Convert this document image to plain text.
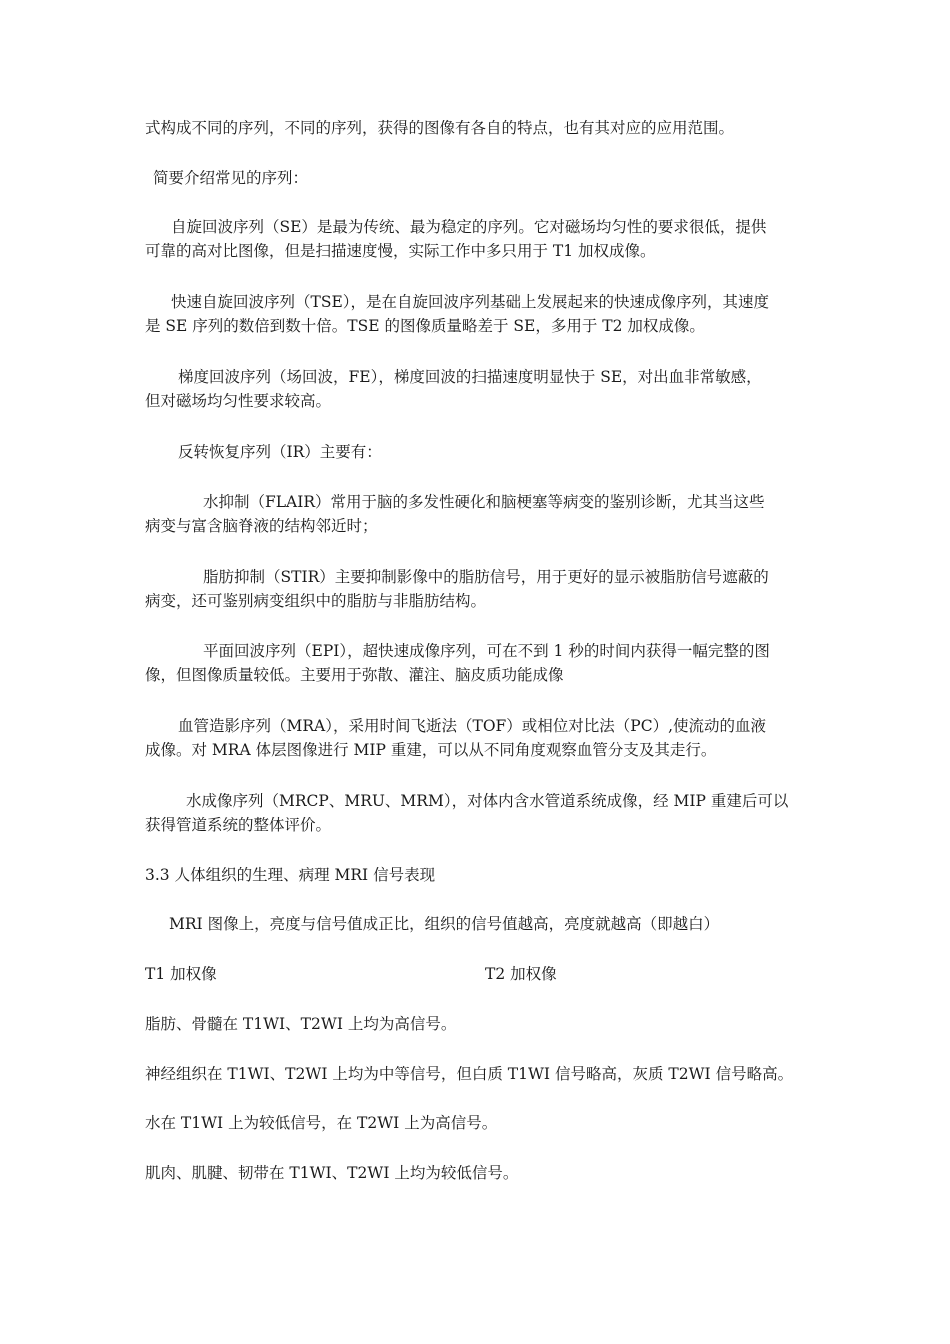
式构成不同的序列，不同的序列，获得的图像有各自的特点，也有其对应的应用范围。

简要介绍常见的序列：

自旋回波序列（SE）是最为传统、最为稳定的序列。它对磁场均匀性的要求很低，提供
可靠的高对比图像，但是扫描速度慢，实际工作中多只用于 T1 加权成像。

快速自旋回波序列（TSE），是在自旋回波序列基础上发展起来的快速成像序列，其速度
是 SE 序列的数倍到数十倍。TSE 的图像质量略差于 SE，多用于 T2 加权成像。

梯度回波序列（场回波，FE），梯度回波的扫描速度明显快于 SE，对出血非常敏感，
但对磁场均匀性要求较高。

反转恢复序列（IR）主要有：

水抑制（FLAIR）常用于脑的多发性硬化和脑梗塞等病变的鉴别诊断，尤其当这些
病变与富含脑脊液的结构邻近时；

脂肪抑制（STIR）主要抑制影像中的脂肪信号，用于更好的显示被脂肪信号遮蔽的
病变，还可鉴别病变组织中的脂肪与非脂肪结构。

平面回波序列（EPI），超快速成像序列，可在不到 1 秒的时间内获得一幅完整的图
像，但图像质量较低。主要用于弥散、灌注、脑皮质功能成像

血管造影序列（MRA），采用时间飞逝法（TOF）或相位对比法（PC）,使流动的血液
成像。对 MRA 体层图像进行 MIP 重建，可以从不同角度观察血管分支及其走行。

水成像序列（MRCP、MRU、MRM），对体内含水管道系统成像，经 MIP 重建后可以
获得管道系统的整体评价。

3.3 人体组织的生理、病理 MRI 信号表现

MRI 图像上，亮度与信号值成正比，组织的信号值越高，亮度就越高（即越白）

T1 加权像	T2 加权像

脂肪、骨髓在 T1WI、T2WI 上均为高信号。

神经组织在 T1WI、T2WI 上均为中等信号，但白质 T1WI 信号略高，灰质 T2WI 信号略高。

水在 T1WI 上为较低信号，在 T2WI 上为高信号。

肌肉、肌腱、韧带在 T1WI、T2WI 上均为较低信号。
